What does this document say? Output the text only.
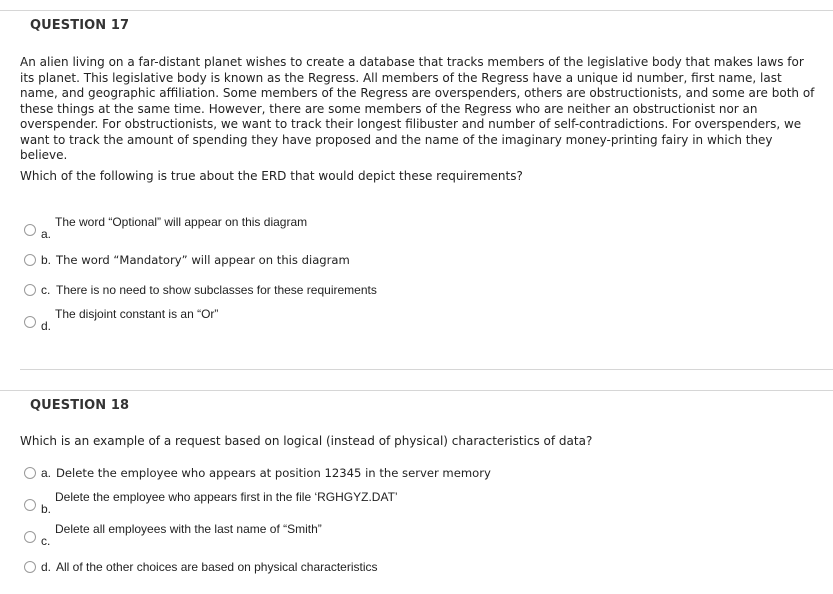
QUESTION 17

An alien living on a far-distant planet wishes to create a database that tracks members of the legislative body that makes laws for its planet. This legislative body is known as the Regress. All members of the Regress have a unique id number, first name, last name, and geographic affiliation. Some members of the Regress are overspenders, others are obstructionists, and some are both of these things at the same time. However, there are some members of the Regress who are neither an obstructionist nor an overspender. For obstructionists, we want to track their longest filibuster and number of self-contradictions. For overspenders, we want to track the amount of spending they have proposed and the name of the imaginary money-printing fairy in which they believe.

Which of the following is true about the ERD that would depict these requirements?

a.
The word “Optional” will appear on this diagram
b. The word “Mandatory” will appear on this diagram
c. There is no need to show subclasses for these requirements
d.
The disjoint constant is an “Or”
QUESTION 18

Which is an example of a request based on logical (instead of physical) characteristics of data?

a. Delete the employee who appears at position 12345 in the server memory
b.
Delete the employee who appears first in the file ‘RGHGYZ.DAT’
c.
Delete all employees with the last name of “Smith”
d. All of the other choices are based on physical characteristics
